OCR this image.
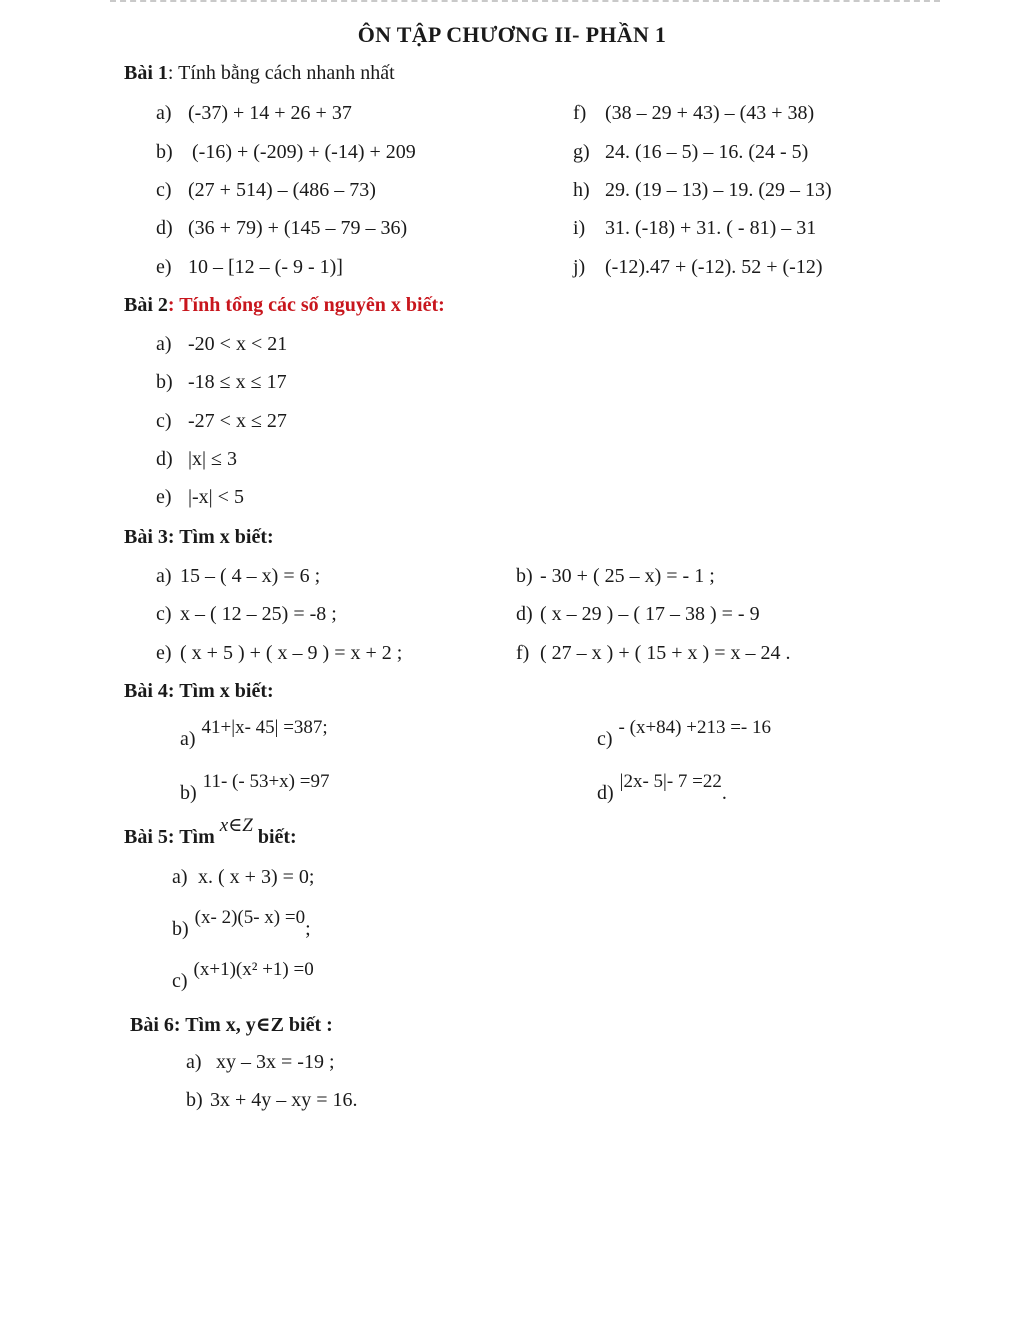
ÔN TẬP CHƯƠNG II- PHẦN 1
Bài 1: Tính bằng cách nhanh nhất
a) (-37) + 14 + 26 + 37
b) (-16) + (-209) + (-14) + 209
c) (27 + 514) – (486 – 73)
d) (36 + 79) + (145 – 79 – 36)
e) 10 – [12 – (- 9 - 1)]
f) (38 – 29 + 43) – (43 + 38)
g) 24. (16 – 5) – 16. (24 - 5)
h) 29. (19 – 13) – 19. (29 – 13)
i) 31. (-18) + 31. ( - 81) – 31
j) (-12).47 + (-12). 52 + (-12)
Bài 2: Tính tổng các số nguyên x biết:
a) -20 < x < 21
b) -18 ≤ x ≤ 17
c) -27 < x ≤ 27
d) |x| ≤ 3
e) |-x| < 5
Bài 3: Tìm x biết:
a) 15 – ( 4 – x) = 6 ;
c) x – ( 12 – 25) = -8 ;
e) ( x + 5 ) + ( x – 9 ) = x + 2 ;
b) - 30 + ( 25 – x) = - 1 ;
d) ( x – 29 ) – ( 17 – 38 ) = - 9
f) ( 27 – x ) + ( 15 + x ) = x – 24 .
Bài 4: Tìm x biết:
a)41+|x- 45| =387;
c)- (x+84) +213 =- 16
b)11- (- 53+x) =97
d)|2x- 5|- 7 =22.
Bài 5: Tìm x∈Z biết:
a) x. ( x + 3) = 0;
b)(x- 2)(5- x) =0;
c)(x+1)(x² +1) =0
Bài 6: Tìm x, y∈Z biết :
a) xy – 3x = -19 ;
b) 3x + 4y – xy = 16.
